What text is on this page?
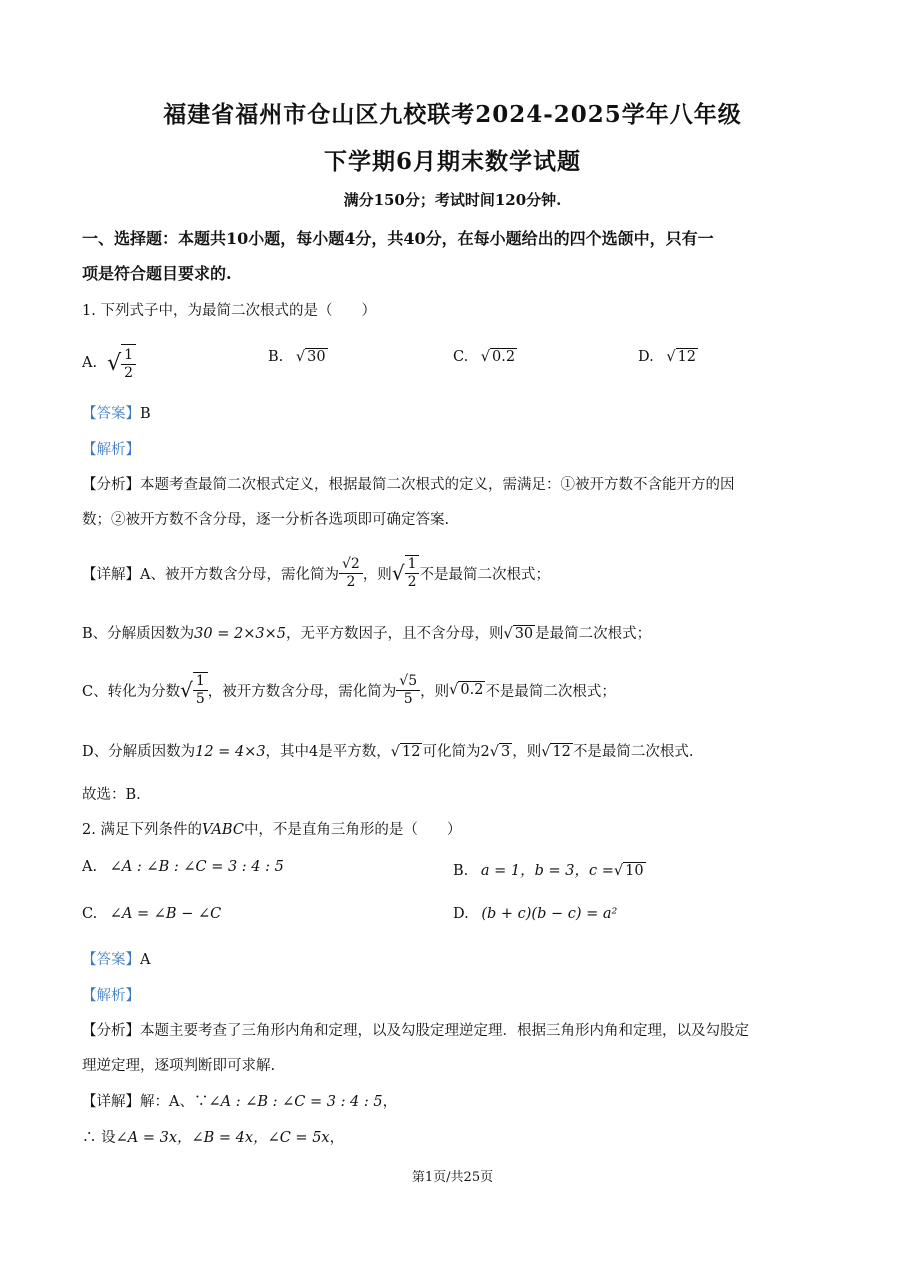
福建省福州市仓山区九校联考2024-2025学年八年级
下学期6月期末数学试题
满分150分；考试时间120分钟.
一、选择题：本题共10小题，每小题4分，共40分，在每小题给出的四个选颌中，只有一
项是符合题目要求的.
1. 下列式子中，为最简二次根式的是（　　）
A. √ $\frac{1}{2}$	B. √ 30	C. √ 0.2	D. √ 12
【答案】B
【解析】
【分析】本题考查最简二次根式定义，根据最简二次根式的定义，需满足：①被开方数不含能开方的因
数；②被开方数不含分母，逐一分析各选项即可确定答案.
【详解】 A、被开方数含分母，需化简为 $\frac{√2}{2}$ ，则 √ $\frac{1}{2}$ 不是最简二次根式；
B、分解质因数为30 = 2×3×5，无平方数因子，且不含分母，则√ 30 是最简二次根式；
C、转化为分数 √ $\frac{1}{5}$ ，被开方数含分母，需化简为 $\frac{√5}{5}$ ，则 √ 0.2 不是最简二次根式；
D、分解质因数为12 = 4×3，其中4是平方数，√ 12 可化简为2√ 3 ，则√ 12 不是最简二次根式.
故选：B.
2. 满足下列条件的VABC中，不是直角三角形的是（　　）
A. ∠A : ∠B : ∠C = 3 : 4 : 5	B. a = 1，b = 3，c =√ 10
C. ∠A = ∠B − ∠C	D. (b + c)(b − c) = a²
【答案】A
【解析】
【分析】本题主要考查了三角形内角和定理，以及勾股定理逆定理．根据三角形内角和定理，以及勾股定
理逆定理，逐项判断即可求解.
【详解】解：A、∵∠A : ∠B : ∠C = 3 : 4 : 5，
∴ 设∠A = 3x，∠B = 4x，∠C = 5x，
第1页/共25页
